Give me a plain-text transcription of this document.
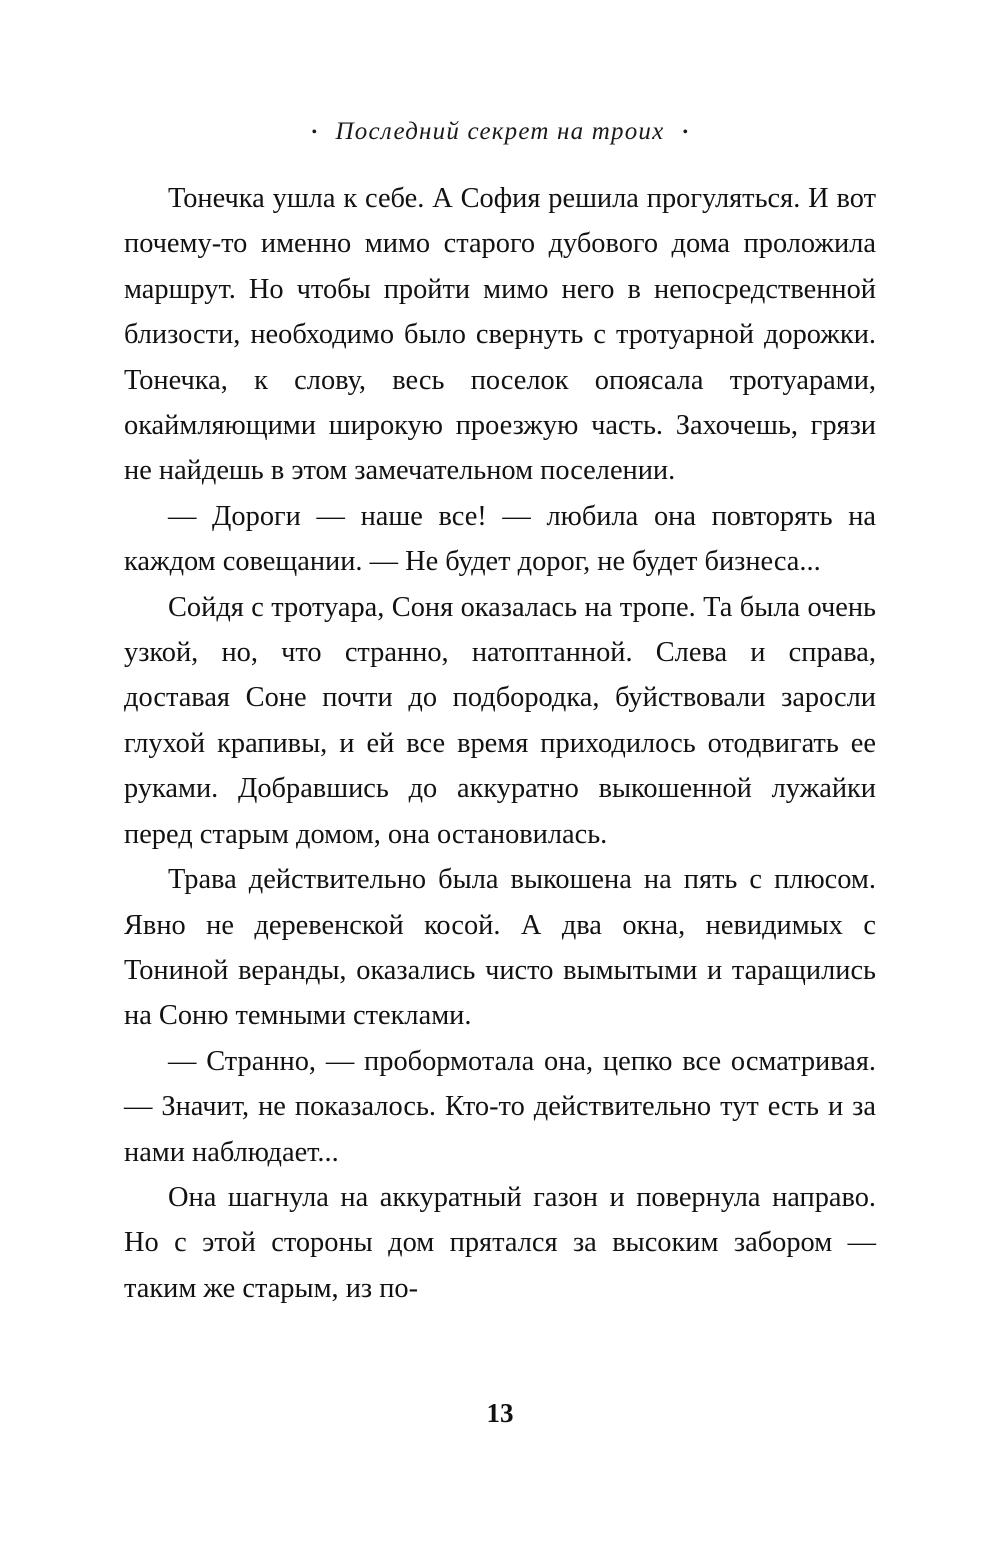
• Последний секрет на троих •

Тонечка ушла к себе. А София решила прогуляться. И вот почему-то именно мимо старого дубового дома проложила маршрут. Но чтобы пройти мимо него в непосредственной близости, необходимо было свернуть с тротуарной дорожки. Тонечка, к слову, весь поселок опоясала тротуарами, окаймляющими широкую проезжую часть. Захочешь, грязи не найдешь в этом замечательном поселении.

— Дороги — наше все! — любила она повторять на каждом совещании. — Не будет дорог, не будет бизнеса...

Сойдя с тротуара, Соня оказалась на тропе. Та была очень узкой, но, что странно, натоптанной. Слева и справа, доставая Соне почти до подбородка, буйствовали заросли глухой крапивы, и ей все время приходилось отодвигать ее руками. Добравшись до аккуратно выкошенной лужайки перед старым домом, она остановилась.

Трава действительно была выкошена на пять с плюсом. Явно не деревенской косой. А два окна, невидимых с Тониной веранды, оказались чисто вымытыми и таращились на Соню темными стеклами.

— Странно, — пробормотала она, цепко все осматривая. — Значит, не показалось. Кто-то действительно тут есть и за нами наблюдает...

Она шагнула на аккуратный газон и повернула направо. Но с этой стороны дом прятался за высоким забором — таким же старым, из по-

13
